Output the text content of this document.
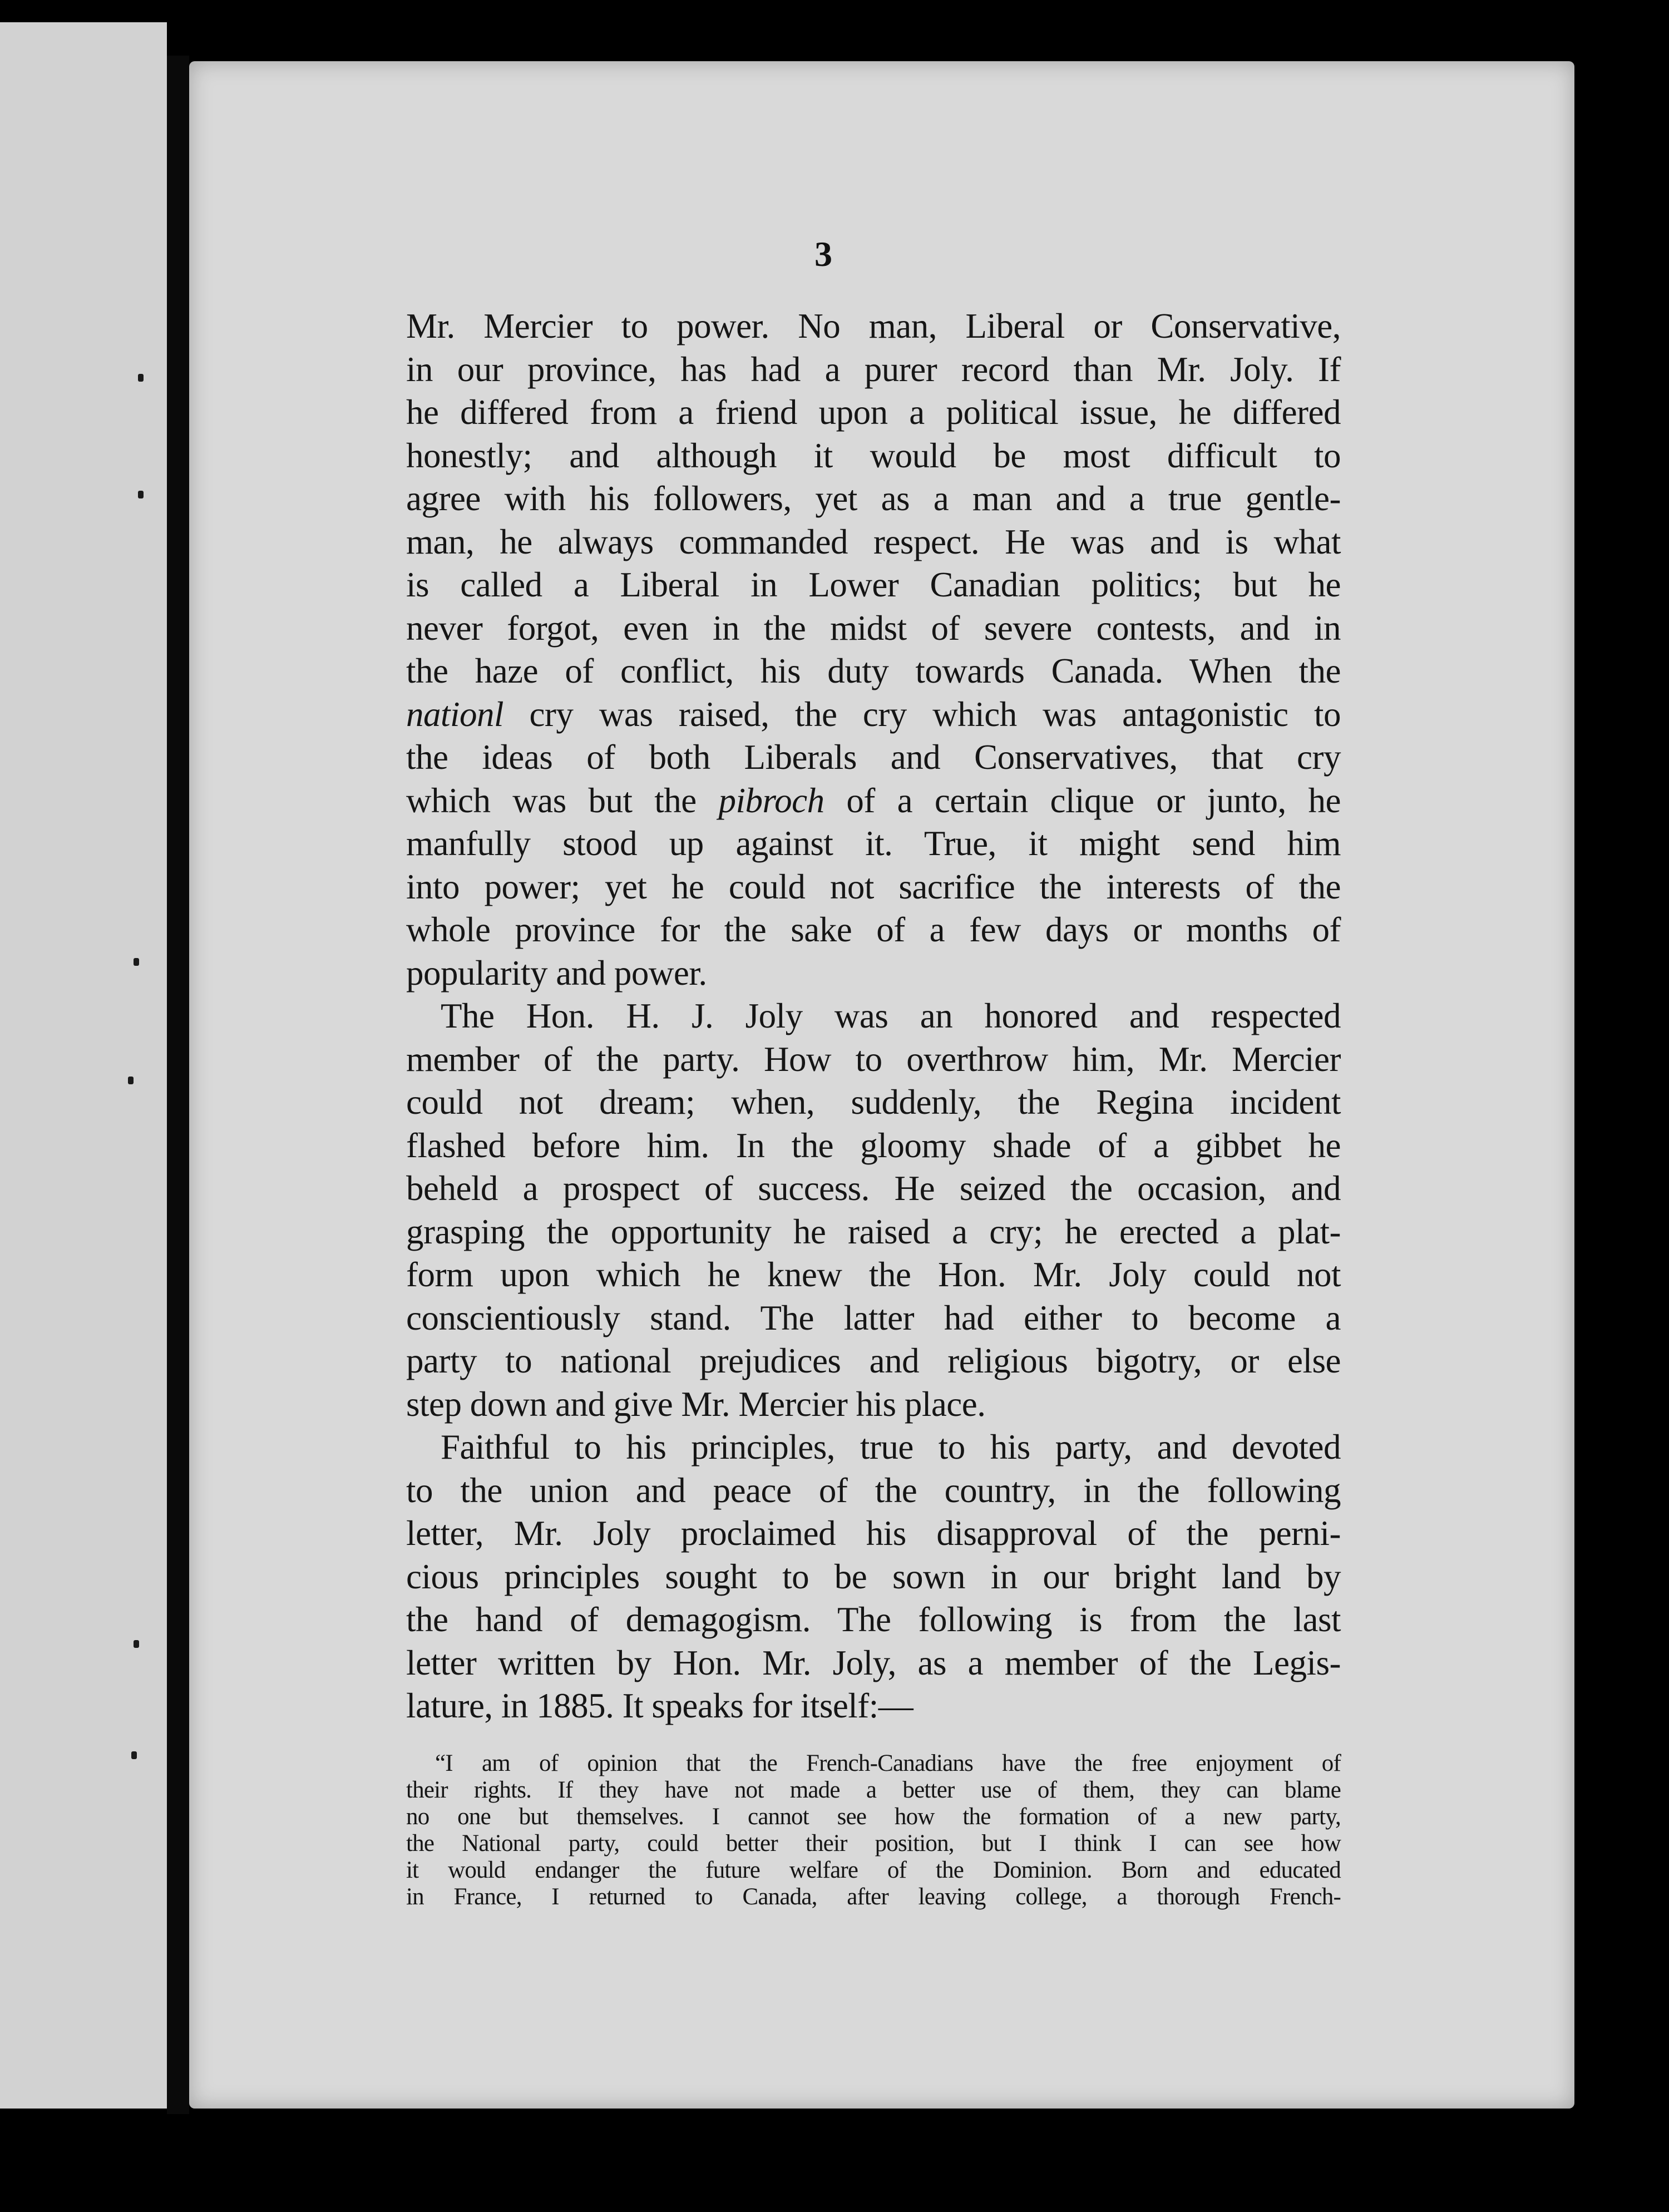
3

Mr. Mercier to power. No man, Liberal or Conservative,
in our province, has had a purer record than Mr. Joly. If
he differed from a friend upon a political issue, he differed
honestly; and although it would be most difficult to
agree with his followers, yet as a man and a true gentle-
man, he always commanded respect. He was and is what
is called a Liberal in Lower Canadian politics; but he
never forgot, even in the midst of severe contests, and in
the haze of conflict, his duty towards Canada. When the
nationl cry was raised, the cry which was antagonistic to
the ideas of both Liberals and Conservatives, that cry
which was but the pibroch of a certain clique or junto, he
manfully stood up against it. True, it might send him
into power; yet he could not sacrifice the interests of the
whole province for the sake of a few days or months of
popularity and power.

The Hon. H. J. Joly was an honored and respected
member of the party. How to overthrow him, Mr. Mercier
could not dream; when, suddenly, the Regina incident
flashed before him. In the gloomy shade of a gibbet he
beheld a prospect of success. He seized the occasion, and
grasping the opportunity he raised a cry; he erected a plat-
form upon which he knew the Hon. Mr. Joly could not
conscientiously stand. The latter had either to become a
party to national prejudices and religious bigotry, or else
step down and give Mr. Mercier his place.

Faithful to his principles, true to his party, and devoted
to the union and peace of the country, in the following
letter, Mr. Joly proclaimed his disapproval of the perni-
cious principles sought to be sown in our bright land by
the hand of demagogism. The following is from the last
letter written by Hon. Mr. Joly, as a member of the Legis-
lature, in 1885. It speaks for itself:—

“I am of opinion that the French-Canadians have the free enjoyment of
their rights. If they have not made a better use of them, they can blame
no one but themselves. I cannot see how the formation of a new party,
the National party, could better their position, but I think I can see how
it would endanger the future welfare of the Dominion. Born and educated
in France, I returned to Canada, after leaving college, a thorough French-
